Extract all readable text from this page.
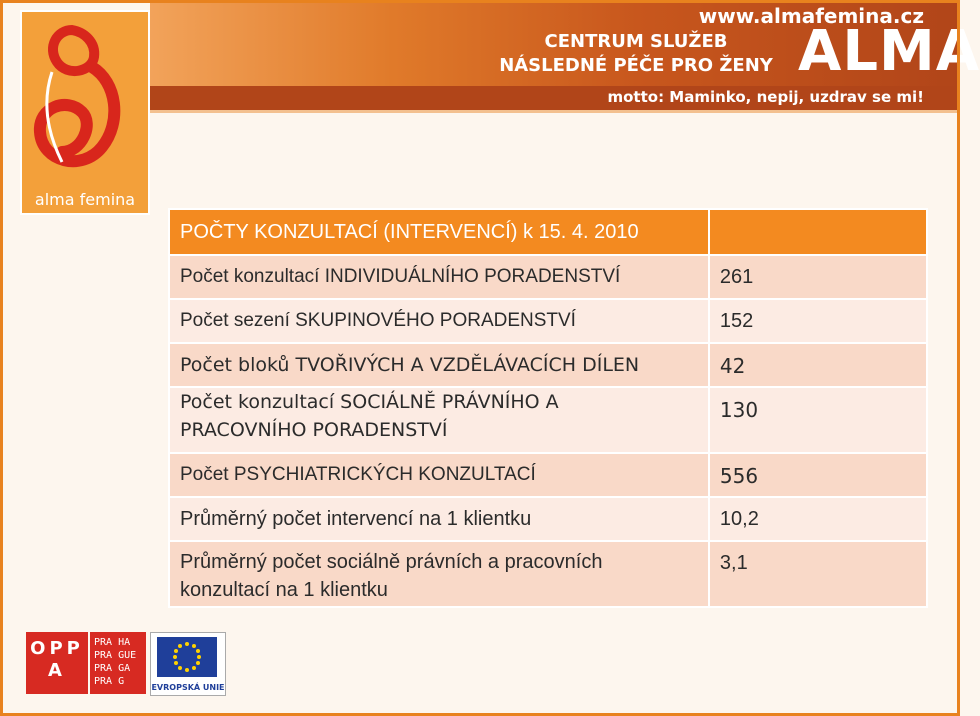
www.almafemina.cz
CENTRUM SLUŽEB
NÁSLEDNÉ PÉČE PRO ŽENY ALMA
motto: Maminko, nepij, uzdrav se mi!
alma femina
POČTY KONZULTACÍ (INTERVENCÍ) k 15. 4. 2010	
Počet konzultací INDIVIDUÁLNÍHO PORADENSTVÍ	261
Počet sezení SKUPINOVÉHO PORADENSTVÍ	152
Počet bloků TVOŘIVÝCH A VZDĚLÁVACÍCH DÍLEN	42

Počet konzultací SOCIÁLNĚ PRÁVNÍHO A
PRACOVNÍHO PORADENSTVÍ	130
Počet PSYCHIATRICKÝCH KONZULTACÍ	556
Průměrný počet intervencí na 1 klientku	10,2

Průměrný počet sociálně právních a pracovních
konzultací na 1 klientku	3,1
OPP
A
PRA HA
PRA GUE
PRA GA
PRA G
EVROPSKÁ UNIE
